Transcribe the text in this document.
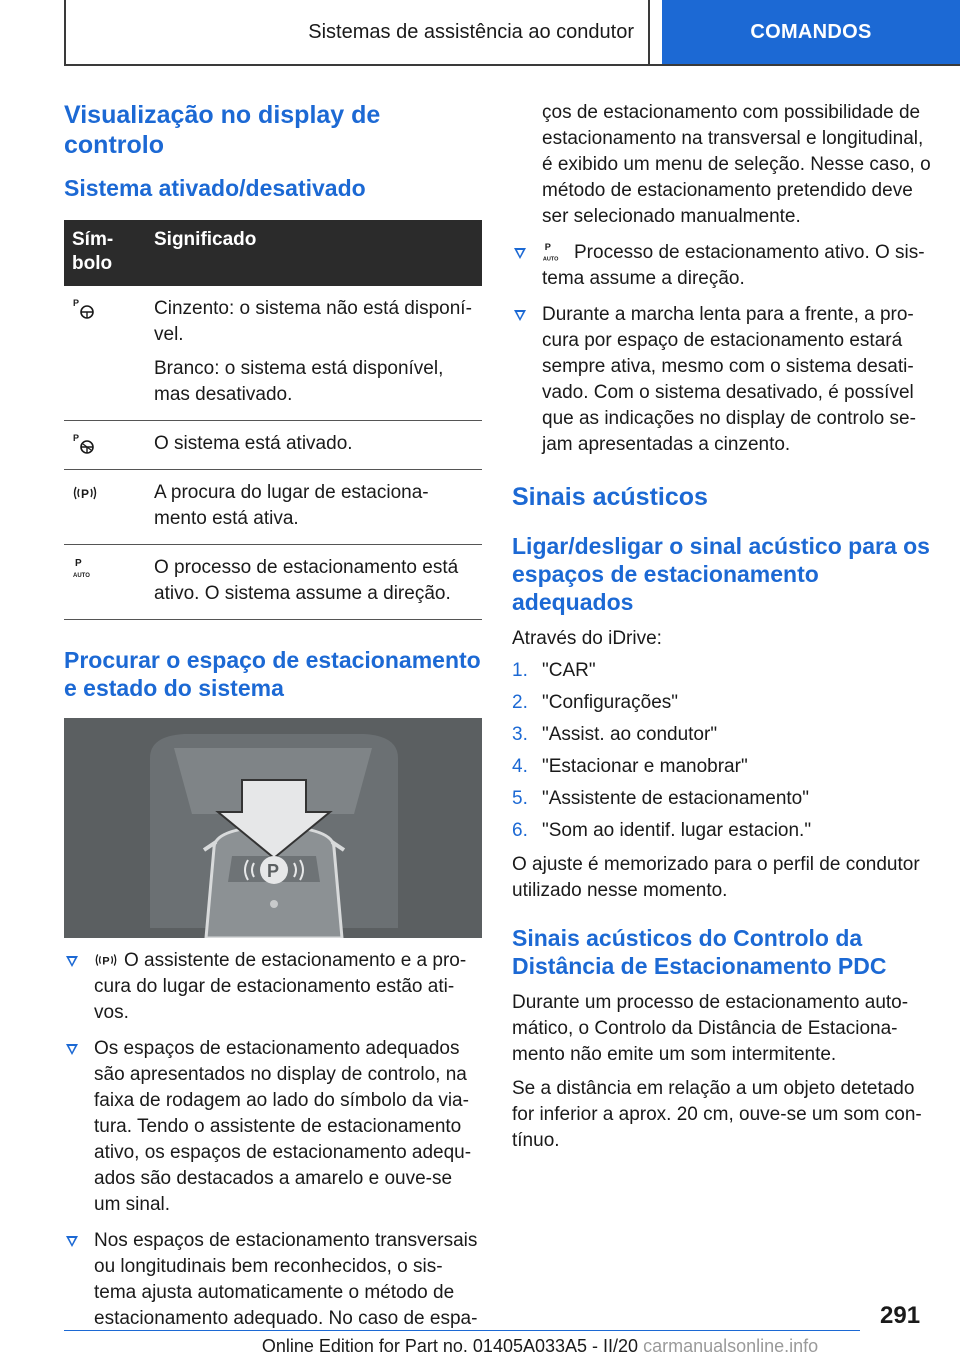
Sistemas de assistência ao condutor	COMANDOS
Visualização no display de controlo
Sistema ativado/desativado
Sím-
bolo	Significado

P	Cinzento: o sistema não está disponí-vel.

Branco: o sistema está disponível, mas desativado.

P	O sistema está ativado.

P	A procura do lugar de estaciona-mento está ativa.

P
AUTO	O processo de estacionamento está ativo. O sistema assume a direção.

Procurar o espaço de estacionamento e estado do sistema
P
P O assistente de estacionamento e a pro-cura do lugar de estacionamento estão ati-vos.
Os espaços de estacionamento adequados são apresentados no display de controlo, na faixa de rodagem ao lado do símbolo da via-tura. Tendo o assistente de estacionamento ativo, os espaços de estacionamento adequ-ados são destacados a amarelo e ouve-se um sinal.
Nos espaços de estacionamento transversais ou longitudinais bem reconhecidos, o sis-tema ajusta automaticamente o método de estacionamento adequado. No caso de espa-

ços de estacionamento com possibilidade de estacionamento na transversal e longitudinal, é exibido um menu de seleção. Nesse caso, o método de estacionamento pretendido deve ser selecionado manualmente.

P
AUTO Processo de estacionamento ativo. O sis-tema assume a direção.
Durante a marcha lenta para a frente, a pro-cura por espaço de estacionamento estará sempre ativa, mesmo com o sistema desati-vado. Com o sistema desativado, é possível que as indicações no display de controlo se-jam apresentadas a cinzento.
Sinais acústicos
Ligar/desligar o sinal acústico para os espaços de estacionamento adequados

Através do iDrive:

1. "CAR"
2. "Configurações"
3. "Assist. ao condutor"
4. "Estacionar e manobrar"
5. "Assistente de estacionamento"
6. "Som ao identif. lugar estacion."

O ajuste é memorizado para o perfil de condutor utilizado nesse momento.

Sinais acústicos do Controlo da Distância de Estacionamento PDC

Durante um processo de estacionamento auto-mático, o Controlo da Distância de Estaciona-mento não emite um som intermitente.

Se a distância em relação a um objeto detetado for inferior a aprox. 20 cm, ouve-se um som con-tínuo.

291
Online Edition for Part no. 01405A033A5 - II/20 carmanualsonline.info
